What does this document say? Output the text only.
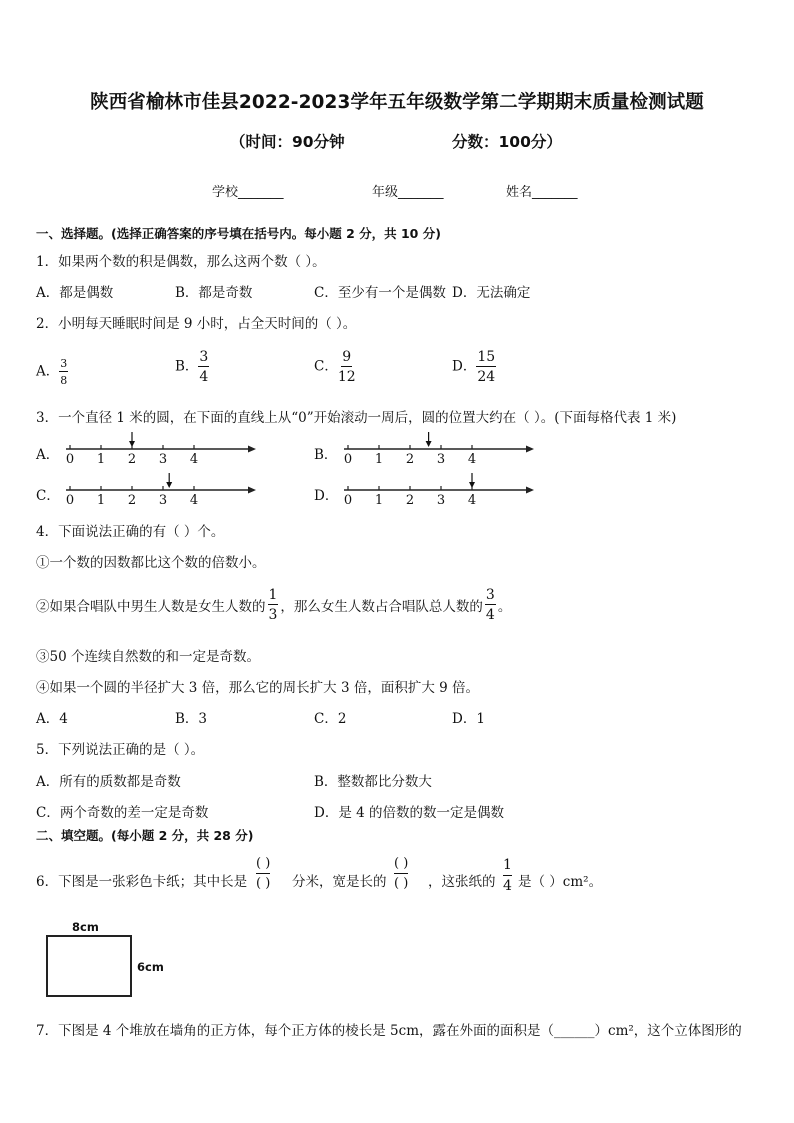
陕西省榆林市佳县2022-2023学年五年级数学第二学期期末质量检测试题
（时间：90分钟	分数：100分）
学校_______	年级_______	姓名_______
一、选择题。(选择正确答案的序号填在括号内。每小题 2 分，共 10 分)
1．如果两个数的积是偶数，那么这两个数（ ）。
A．都是偶数	B．都是奇数	C．至少有一个是偶数 D．无法确定
2．小明每天睡眠时间是 9 小时，占全天时间的（ ）。
A． $\frac{3}{8}$	B． $\frac{3}{4}$	C． $\frac{9}{12}$	D． $\frac{15}{24}$
3．一个直径 1 米的圆，在下面的直线上从“0”开始滚动一周后，圆的位置大约在（ ）。(下面每格代表 1 米)
A．	B．
C．	D．
0 1 2 3 4	0 1 2 3 4
0 1 2 3 4	0 1 2 3 4
4．下面说法正确的有（ ）个。
①一个数的因数都比这个数的倍数小。
②如果合唱队中男生人数是女生人数的 $\frac{1}{3}$ ，那么女生人数占合唱队总人数的 $\frac{3}{4}$ 。
③50 个连续自然数的和一定是奇数。
④如果一个圆的半径扩大 3 倍，那么它的周长扩大 3 倍，面积扩大 9 倍。
A．4	B．3	C．2	D．1
5．下列说法正确的是（ ）。
A．所有的质数都是奇数	B．整数都比分数大
C．两个奇数的差一定是奇数	D．是 4 的倍数的数一定是偶数
二、填空题。(每小题 2 分，共 28 分)
6．下图是一张彩色卡纸；其中长是
( )
( ) 分米，宽是长的
( )
( ) ，这张纸的 $\frac{1}{4}$ 是（ ）cm²。
8cm
6cm
7．下图是 4 个堆放在墙角的正方体，每个正方体的棱长是 5cm，露在外面的面积是（______）cm²，这个立体图形的
